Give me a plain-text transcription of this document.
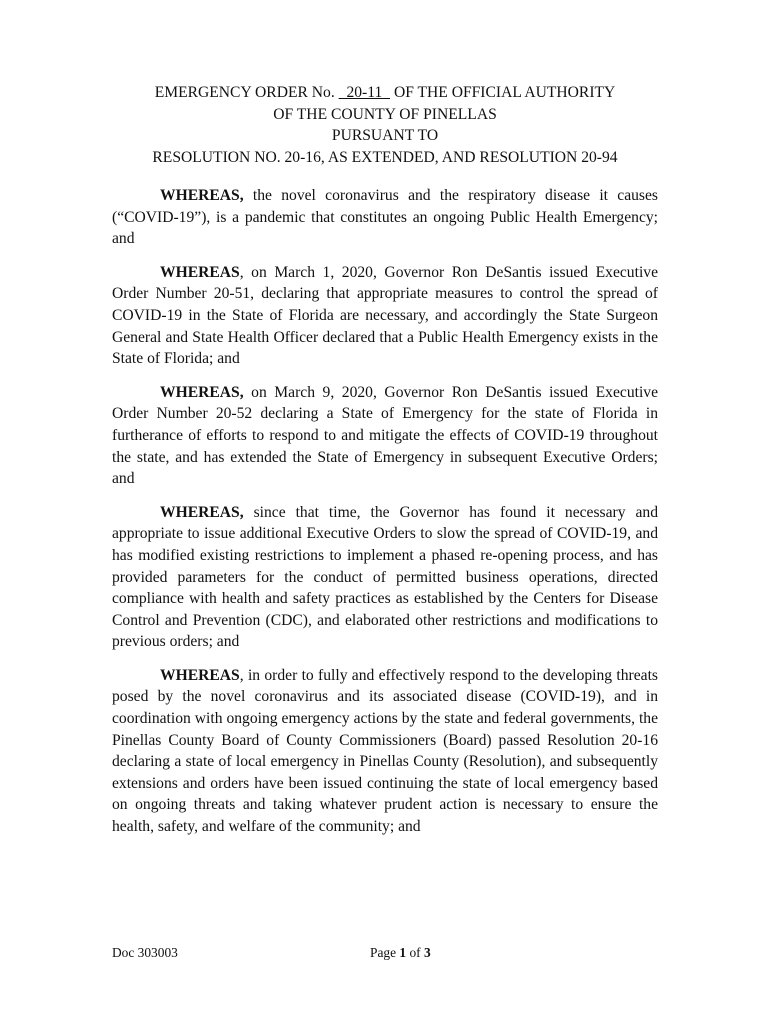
EMERGENCY ORDER No.   20-11   OF THE OFFICIAL AUTHORITY
OF THE COUNTY OF PINELLAS
PURSUANT TO
RESOLUTION NO. 20-16, AS EXTENDED, AND RESOLUTION 20-94

WHEREAS, the novel coronavirus and the respiratory disease it causes (“COVID-19”), is a pandemic that constitutes an ongoing Public Health Emergency; and

WHEREAS, on March 1, 2020, Governor Ron DeSantis issued Executive Order Number 20-51, declaring that appropriate measures to control the spread of COVID-19 in the State of Florida are necessary, and accordingly the State Surgeon General and State Health Officer declared that a Public Health Emergency exists in the State of Florida; and

WHEREAS, on March 9, 2020, Governor Ron DeSantis issued Executive Order Number 20-52 declaring a State of Emergency for the state of Florida in furtherance of efforts to respond to and mitigate the effects of COVID-19 throughout the state, and has extended the State of Emergency in subsequent Executive Orders; and

WHEREAS, since that time, the Governor has found it necessary and appropriate to issue additional Executive Orders to slow the spread of COVID-19, and has modified existing restrictions to implement a phased re-opening process, and has provided parameters for the conduct of permitted business operations, directed compliance with health and safety practices as established by the Centers for Disease Control and Prevention (CDC), and elaborated other restrictions and modifications to previous orders; and

WHEREAS, in order to fully and effectively respond to the developing threats posed by the novel coronavirus and its associated disease (COVID-19), and in coordination with ongoing emergency actions by the state and federal governments, the Pinellas County Board of County Commissioners (Board) passed Resolution 20-16 declaring a state of local emergency in Pinellas County (Resolution), and subsequently extensions and orders have been issued continuing the state of local emergency based on ongoing threats and taking whatever prudent action is necessary to ensure the health, safety, and welfare of the community; and

Doc 303003	Page 1 of 3
